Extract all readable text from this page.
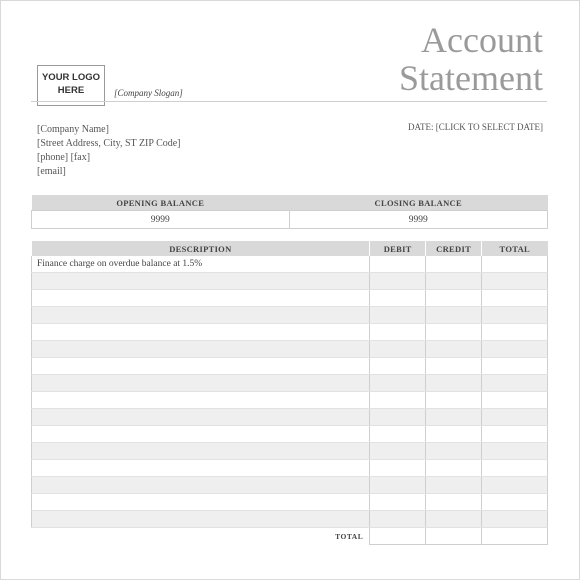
Account
Statement
YOUR LOGO
HERE	[Company Slogan]
[Company Name]
[Street Address, City, ST ZIP Code]
[phone] [fax]
[email]
DATE: [CLICK TO SELECT DATE]
OPENING BALANCE	CLOSING BALANCE
9999	9999
DESCRIPTION	DEBIT	CREDIT	TOTAL
Finance charge on overdue balance at 1.5%			

TOTAL			
